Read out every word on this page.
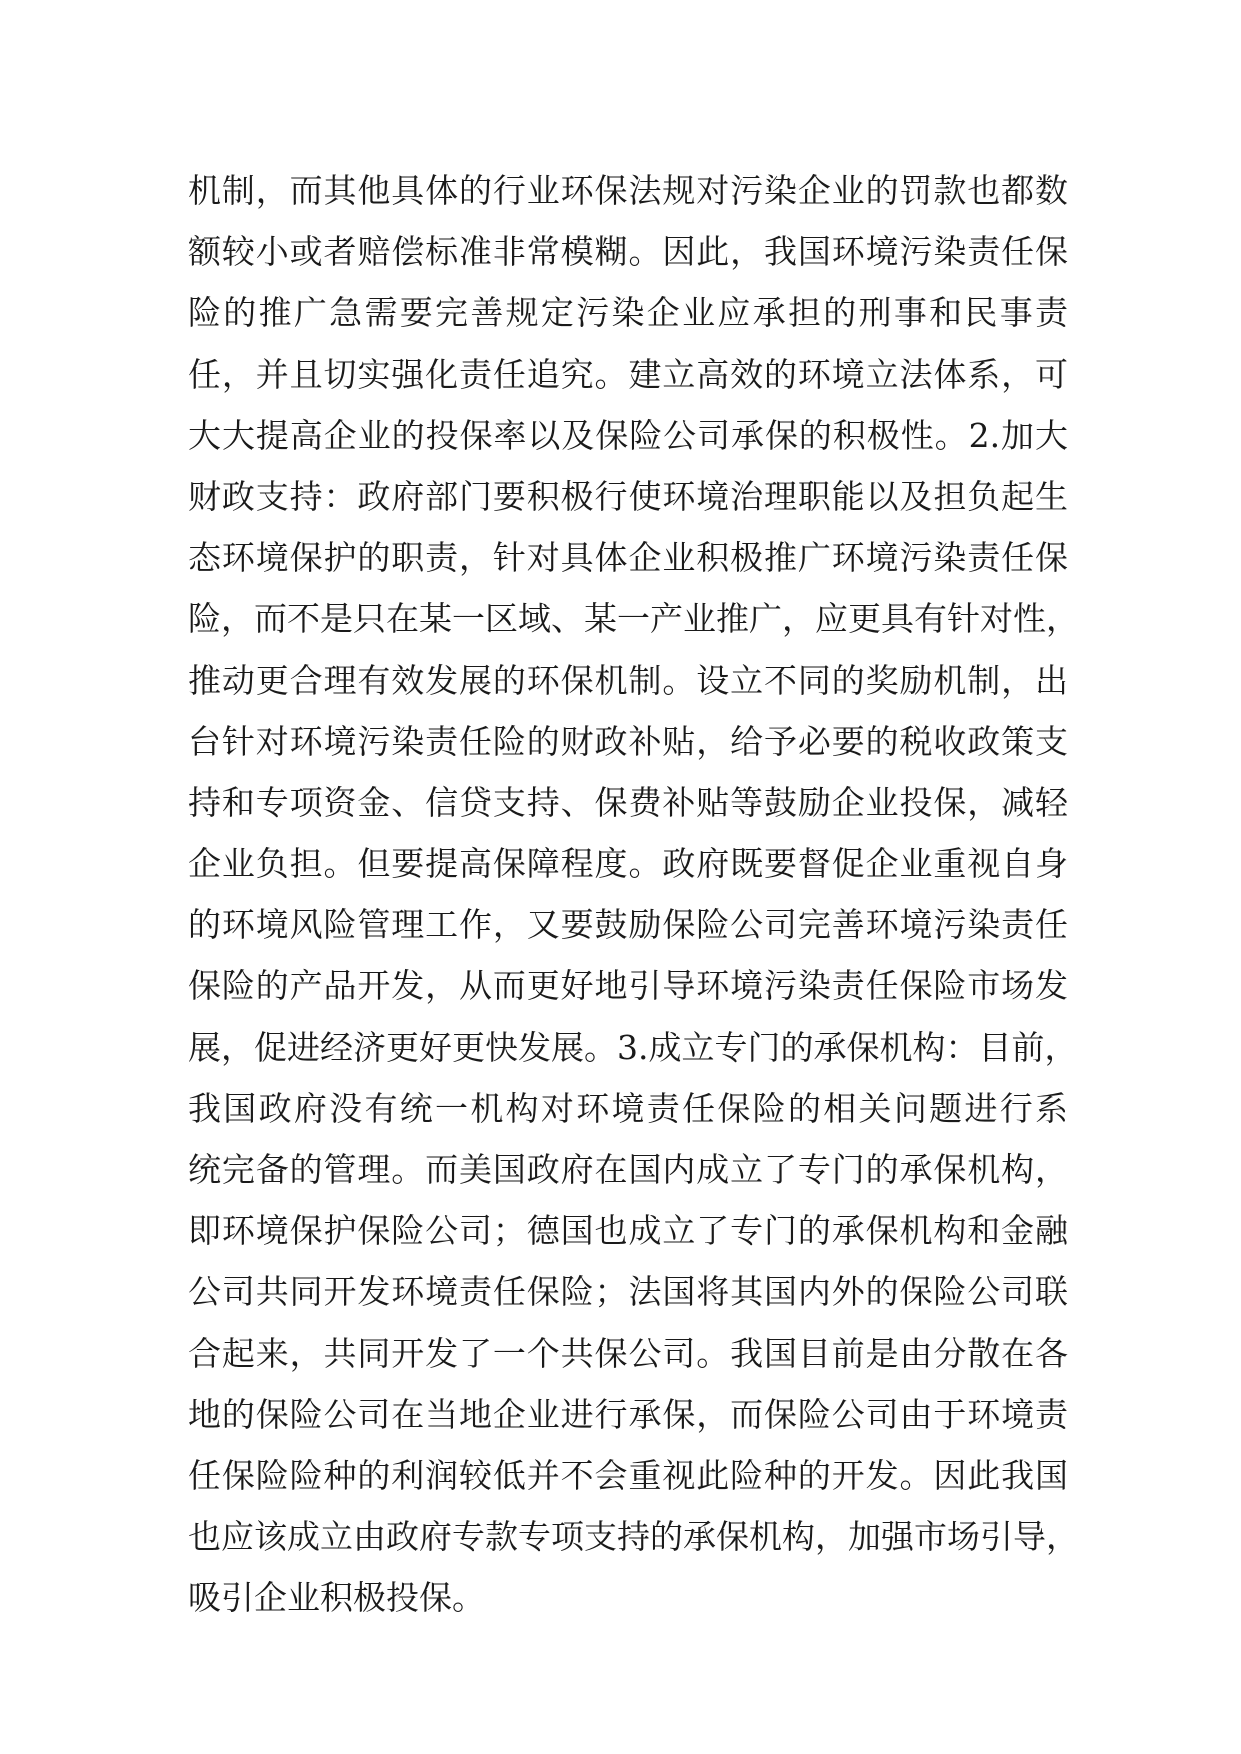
机制，而其他具体的行业环保法规对污染企业的罚款也都数
额较小或者赔偿标准非常模糊。因此，我国环境污染责任保
险的推广急需要完善规定污染企业应承担的刑事和民事责
任，并且切实强化责任追究。建立高效的环境立法体系，可
大大提高企业的投保率以及保险公司承保的积极性。2.加大
财政支持：政府部门要积极行使环境治理职能以及担负起生
态环境保护的职责，针对具体企业积极推广环境污染责任保
险，而不是只在某一区域、某一产业推广，应更具有针对性，
推动更合理有效发展的环保机制。设立不同的奖励机制，出
台针对环境污染责任险的财政补贴，给予必要的税收政策支
持和专项资金、信贷支持、保费补贴等鼓励企业投保，减轻
企业负担。但要提高保障程度。政府既要督促企业重视自身
的环境风险管理工作，又要鼓励保险公司完善环境污染责任
保险的产品开发，从而更好地引导环境污染责任保险市场发
展，促进经济更好更快发展。3.成立专门的承保机构：目前，
我国政府没有统一机构对环境责任保险的相关问题进行系
统完备的管理。而美国政府在国内成立了专门的承保机构，
即环境保护保险公司；德国也成立了专门的承保机构和金融
公司共同开发环境责任保险；法国将其国内外的保险公司联
合起来，共同开发了一个共保公司。我国目前是由分散在各
地的保险公司在当地企业进行承保，而保险公司由于环境责
任保险险种的利润较低并不会重视此险种的开发。因此我国
也应该成立由政府专款专项支持的承保机构，加强市场引导，
吸引企业积极投保。
